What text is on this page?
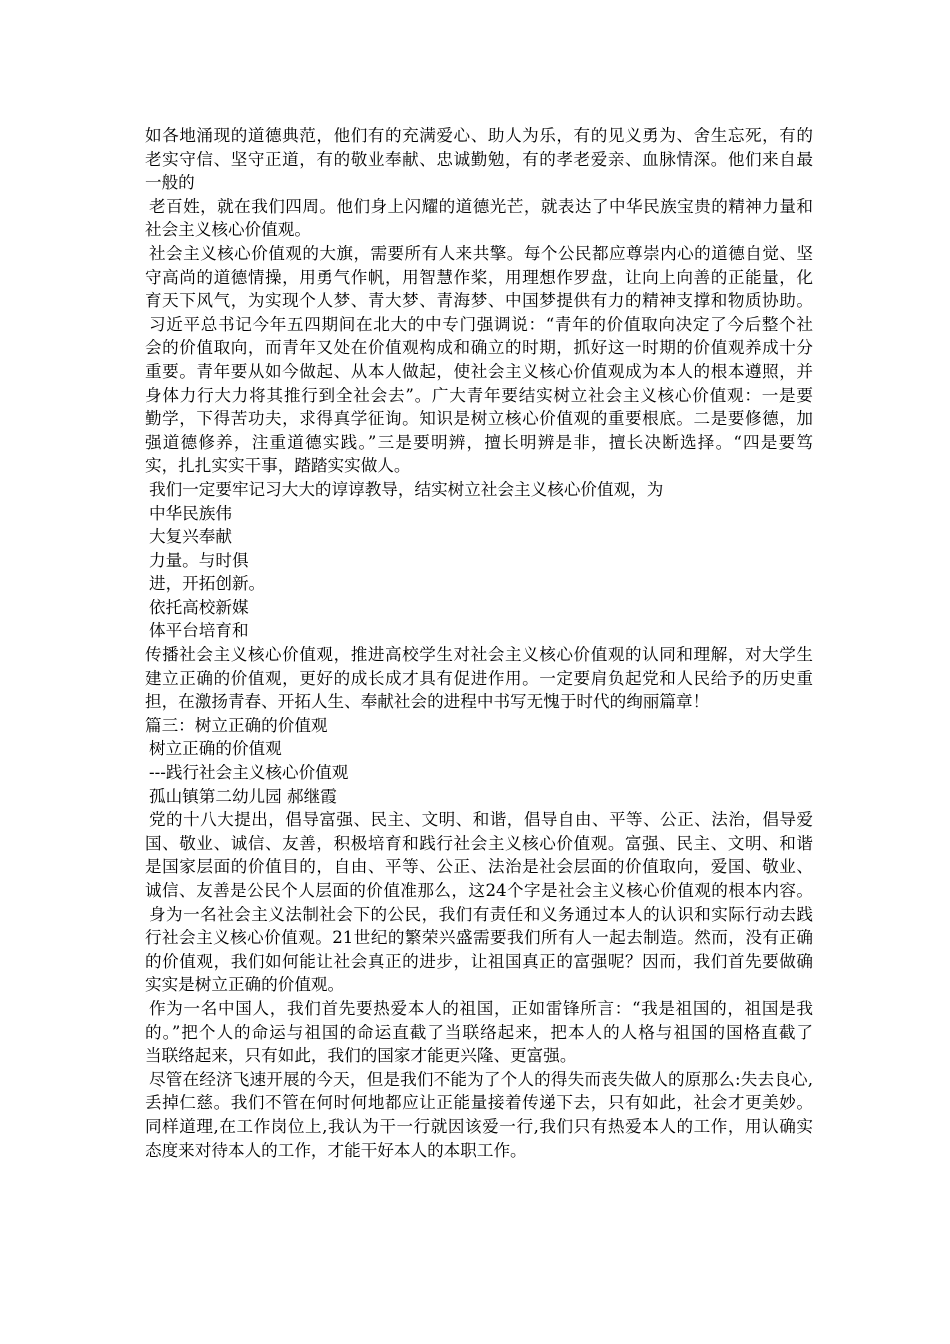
如各地涌现的道德典范，他们有的充满爱心、助人为乐，有的见义勇为、舍生忘死，有的
老实守信、坚守正道，有的敬业奉献、忠诚勤勉，有的孝老爱亲、血脉情深。他们来自最
一般的
老百姓，就在我们四周。他们身上闪耀的道德光芒，就表达了中华民族宝贵的精神力量和
社会主义核心价值观。
社会主义核心价值观的大旗，需要所有人来共擎。每个公民都应尊崇内心的道德自觉、坚
守高尚的道德情操，用勇气作帆，用智慧作桨，用理想作罗盘，让向上向善的正能量，化
育天下风气，为实现个人梦、青大梦、青海梦、中国梦提供有力的精神支撑和物质协助。
习近平总书记今年五四期间在北大的中专门强调说：“青年的价值取向决定了今后整个社
会的价值取向，而青年又处在价值观构成和确立的时期，抓好这一时期的价值观养成十分
重要。青年要从如今做起、从本人做起，使社会主义核心价值观成为本人的根本遵照，并
身体力行大力将其推行到全社会去”。广大青年要结实树立社会主义核心价值观：一是要
勤学，下得苦功夫，求得真学征询。知识是树立核心价值观的重要根底。二是要修德，加
强道德修养，注重道德实践。”三是要明辨，擅长明辨是非，擅长决断选择。“四是要笃
实，扎扎实实干事，踏踏实实做人。
我们一定要牢记习大大的谆谆教导，结实树立社会主义核心价值观，为
中华民族伟
大复兴奉献
力量。与时俱
进，开拓创新。
依托高校新媒
体平台培育和
传播社会主义核心价值观，推进高校学生对社会主义核心价值观的认同和理解，对大学生
建立正确的价值观，更好的成长成才具有促进作用。一定要肩负起党和人民给予的历史重
担，在激扬青春、开拓人生、奉献社会的进程中书写无愧于时代的绚丽篇章！
篇三：树立正确的价值观
树立正确的价值观
---践行社会主义核心价值观
孤山镇第二幼儿园 郝继霞
党的十八大提出，倡导富强、民主、文明、和谐，倡导自由、平等、公正、法治，倡导爱
国、敬业、诚信、友善，积极培育和践行社会主义核心价值观。富强、民主、文明、和谐
是国家层面的价值目的，自由、平等、公正、法治是社会层面的价值取向，爱国、敬业、
诚信、友善是公民个人层面的价值准那么，这24个字是社会主义核心价值观的根本内容。
身为一名社会主义法制社会下的公民，我们有责任和义务通过本人的认识和实际行动去践
行社会主义核心价值观。21世纪的繁荣兴盛需要我们所有人一起去制造。然而，没有正确
的价值观，我们如何能让社会真正的进步，让祖国真正的富强呢？因而，我们首先要做确
实实是树立正确的价值观。
作为一名中国人，我们首先要热爱本人的祖国，正如雷锋所言：“我是祖国的，祖国是我
的。”把个人的命运与祖国的命运直截了当联络起来，把本人的人格与祖国的国格直截了
当联络起来，只有如此，我们的国家才能更兴隆、更富强。
尽管在经济飞速开展的今天，但是我们不能为了个人的得失而丧失做人的原那么:失去良心,
丢掉仁慈。我们不管在何时何地都应让正能量接着传递下去，只有如此，社会才更美妙。
同样道理,在工作岗位上,我认为干一行就因该爱一行,我们只有热爱本人的工作，用认确实
态度来对待本人的工作，才能干好本人的本职工作。
